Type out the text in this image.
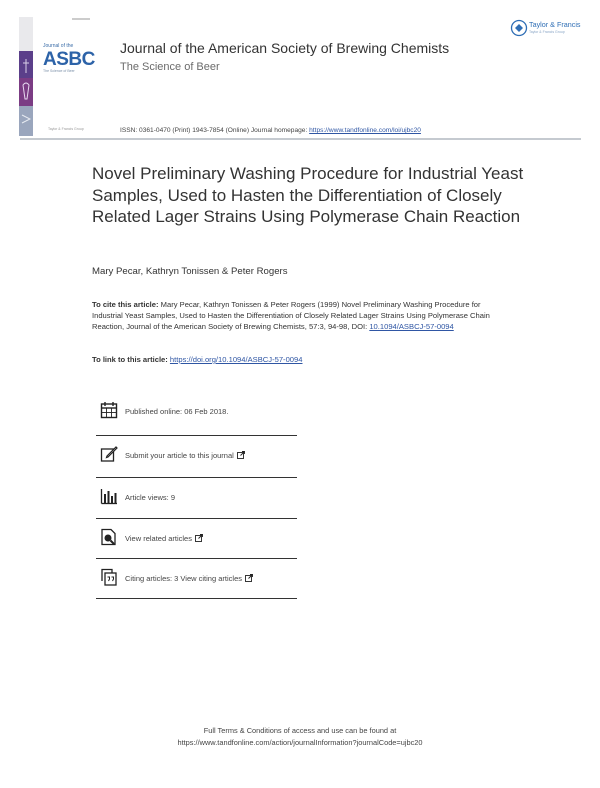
Journal of the
ASBC
The Science of Beer
Taylor & Francis Group
Journal of the American Society of Brewing Chemists
The Science of Beer
Taylor & Francis
Taylor & Francis Group
ISSN: 0361-0470 (Print) 1943-7854 (Online) Journal homepage: https://www.tandfonline.com/loi/ujbc20
Novel Preliminary Washing Procedure for Industrial Yeast Samples, Used to Hasten the Differentiation of Closely Related Lager Strains Using Polymerase Chain Reaction
Mary Pecar, Kathryn Tonissen & Peter Rogers
To cite this article: Mary Pecar, Kathryn Tonissen & Peter Rogers (1999) Novel Preliminary Washing Procedure for Industrial Yeast Samples, Used to Hasten the Differentiation of Closely Related Lager Strains Using Polymerase Chain Reaction, Journal of the American Society of Brewing Chemists, 57:3, 94-98, DOI: 10.1094/ASBCJ-57-0094
To link to this article: https://doi.org/10.1094/ASBCJ-57-0094
Published online: 06 Feb 2018.
Submit your article to this journal
Article views: 9
View related articles
Citing articles: 3 View citing articles
Full Terms & Conditions of access and use can be found at
https://www.tandfonline.com/action/journalInformation?journalCode=ujbc20
